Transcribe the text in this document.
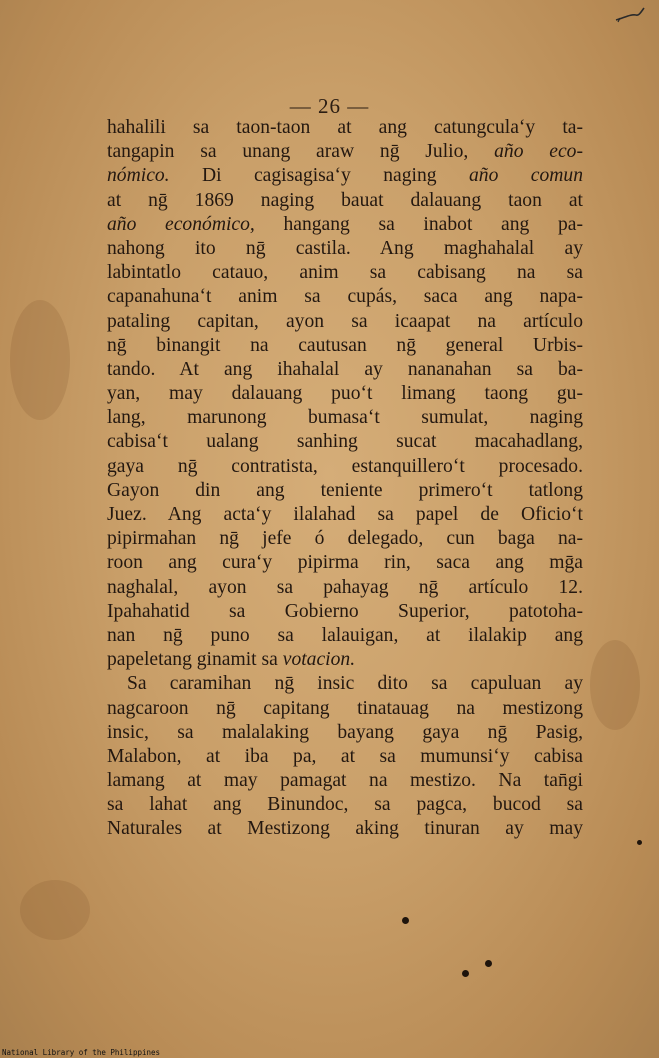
— 26 —
hahalili sa taon-taon at ang catungcula‘y ta-
tangapin sa unang araw nḡ Julio, año eco-
nómico. Di cagisagisa‘y naging año comun
at nḡ 1869 naging bauat dalauang taon at
año económico, hangang sa inabot ang pa-
nahong ito nḡ castila. Ang maghahalal ay
labintatlo catauo, anim sa cabisang na sa
capanahuna‘t anim sa cupás, saca ang napa-
pataling capitan, ayon sa icaapat na artículo
nḡ binangit na cautusan nḡ general Urbis-
tando. At ang ihahalal ay nananahan sa ba-
yan, may dalauang puo‘t limang taong gu-
lang, marunong bumasa‘t sumulat, naging
cabisa‘t ualang sanhing sucat macahadlang,
gaya nḡ contratista, estanquillero‘t procesado.
Gayon din ang teniente primero‘t tatlong
Juez. Ang acta‘y ilalahad sa papel de Oficio‘t
pipirmahan nḡ jefe ó delegado, cun baga na-
roon ang cura‘y pipirma rin, saca ang mḡa
naghalal, ayon sa pahayag nḡ artículo 12.
Ipahahatid sa Gobierno Superior, patotoha-
nan nḡ puno sa lalauigan, at ilalakip ang
papeletang ginamit sa votacion.
Sa caramihan nḡ insic dito sa capuluan ay
nagcaroon nḡ capitang tinatauag na mestizong
insic, sa malalaking bayang gaya nḡ Pasig,
Malabon, at iba pa, at sa mumunsi‘y cabisa
lamang at may pamagat na mestizo. Na tan̄gi
sa lahat ang Binundoc, sa pagca, bucod sa
Naturales at Mestizong aking tinuran ay may
National Library of the Philippines
